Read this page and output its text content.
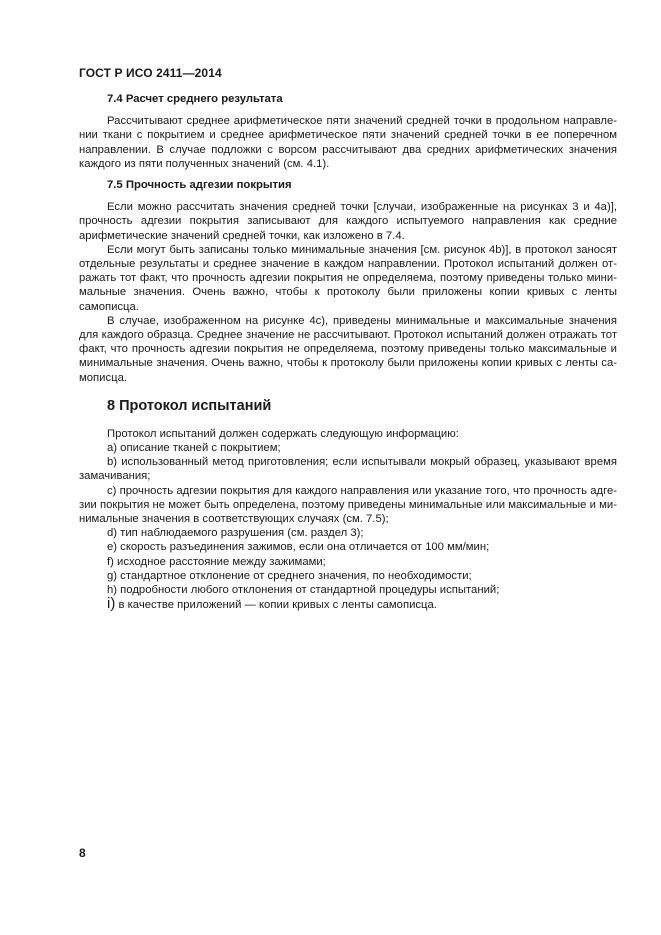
ГОСТ Р ИСО 2411—2014

7.4 Расчет среднего результата

Рассчитывают среднее арифметическое пяти значений средней точки в продольном направлении ткани с покрытием и среднее арифметическое пяти значений средней точки в ее поперечном направлении. В случае подложки с ворсом рассчитывают два средних арифметических значения каждого из пяти полученных значений (см. 4.1).

7.5 Прочность адгезии покрытия

Если можно рассчитать значения средней точки [случаи, изображенные на рисунках 3 и 4а)], прочность адгезии покрытия записывают для каждого испытуемого направления как средние арифметические значений средней точки, как изложено в 7.4.

Если могут быть записаны только минимальные значения [см. рисунок 4b)], в протокол заносят отдельные результаты и среднее значение в каждом направлении. Протокол испытаний должен отражать тот факт, что прочность адгезии покрытия не определяема, поэтому приведены только минимальные значения. Очень важно, чтобы к протоколу были приложены копии кривых с ленты самописца.

В случае, изображенном на рисунке 4с), приведены минимальные и максимальные значения для каждого образца. Среднее значение не рассчитывают. Протокол испытаний должен отражать тот факт, что прочность адгезии покрытия не определяема, поэтому приведены только максимальные и минимальные значения. Очень важно, чтобы к протоколу были приложены копии кривых с ленты самописца.

8 Протокол испытаний

Протокол испытаний должен содержать следующую информацию:

a) описание тканей с покрытием;

b) использованный метод приготовления; если испытывали мокрый образец, указывают время замачивания;

c) прочность адгезии покрытия для каждого направления или указание того, что прочность адгезии покрытия не может быть определена, поэтому приведены минимальные или максимальные и минимальные значения в соответствующих случаях (см. 7.5);

d) тип наблюдаемого разрушения (см. раздел 3);

e) скорость разъединения зажимов, если она отличается от 100 мм/мин;

f) исходное расстояние между зажимами;

g) стандартное отклонение от среднего значения, по необходимости;

h) подробности любого отклонения от стандартной процедуры испытаний;

i) в качестве приложений — копии кривых с ленты самописца.

8
